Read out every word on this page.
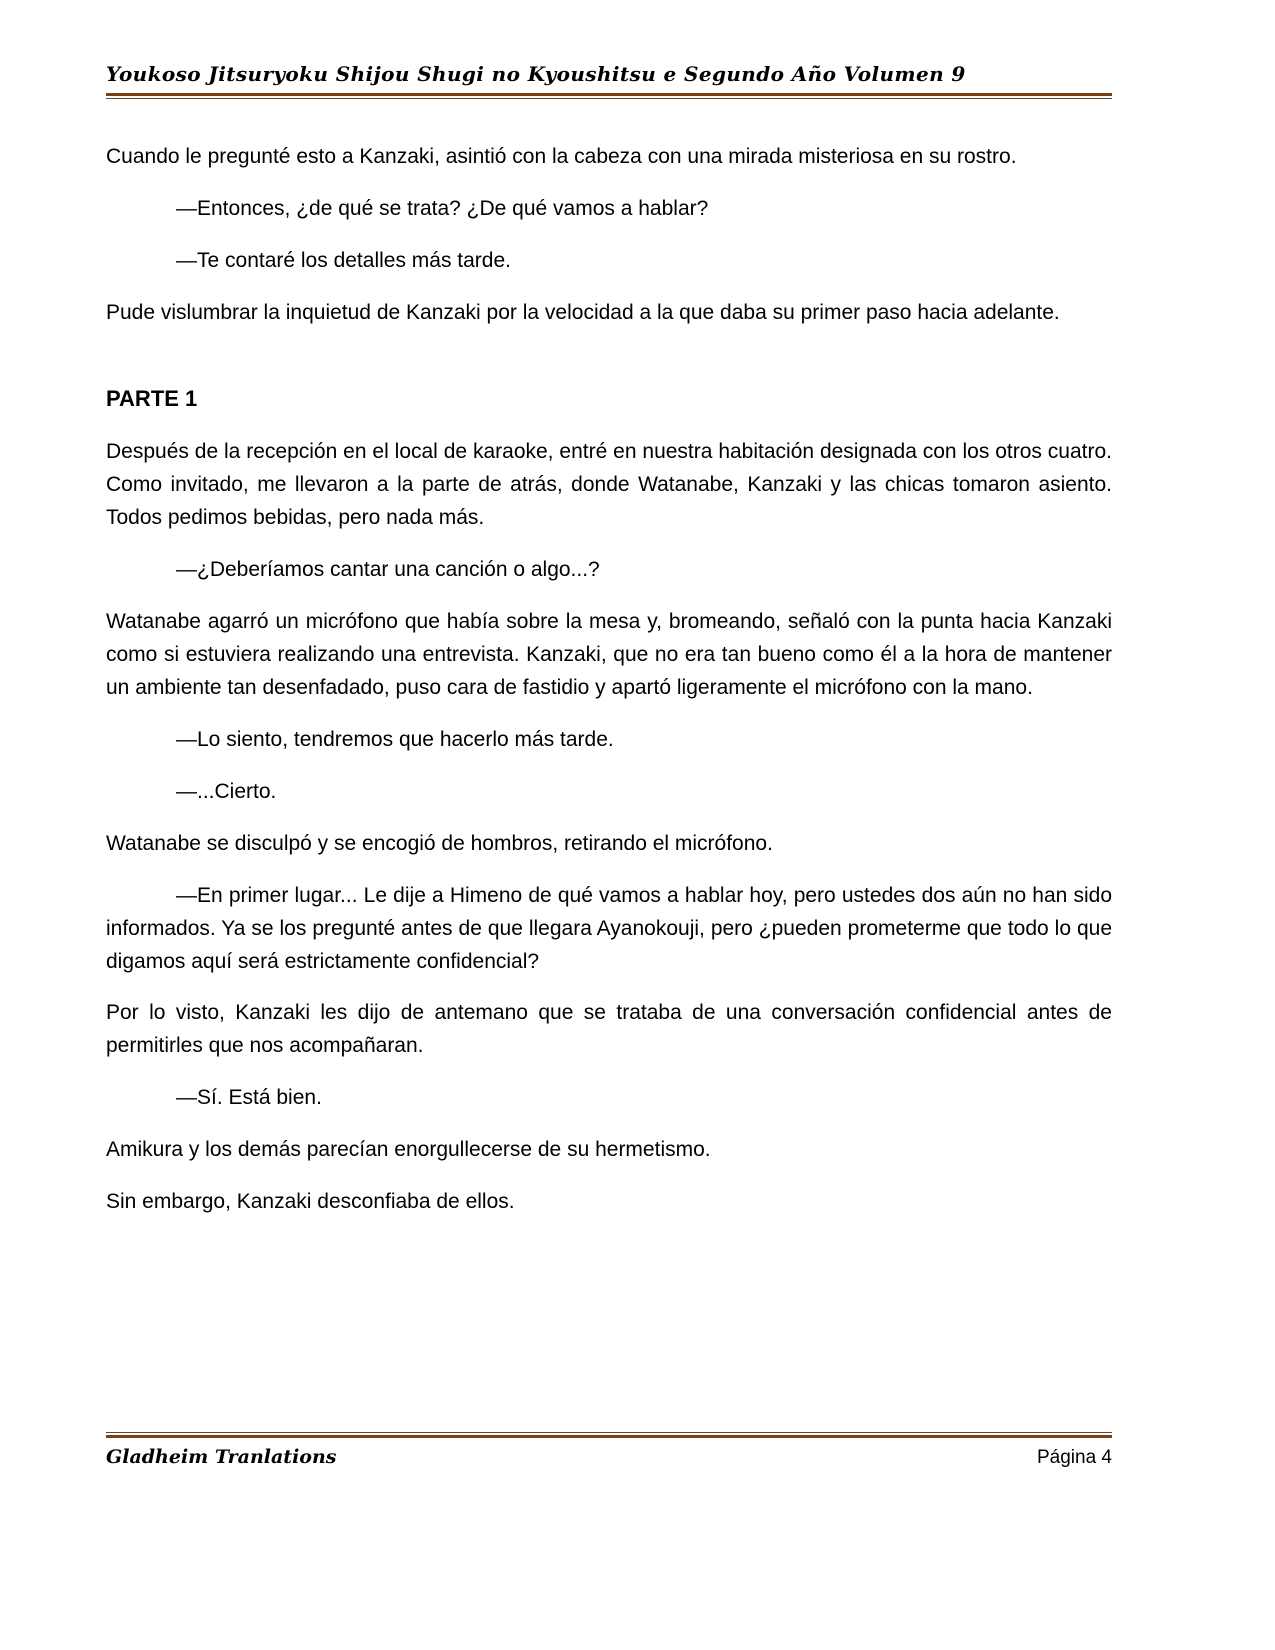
Youkoso Jitsuryoku Shijou Shugi no Kyoushitsu e Segundo Año Volumen 9

Cuando le pregunté esto a Kanzaki, asintió con la cabeza con una mirada misteriosa en su rostro.

—Entonces, ¿de qué se trata? ¿De qué vamos a hablar?

—Te contaré los detalles más tarde.

Pude vislumbrar la inquietud de Kanzaki por la velocidad a la que daba su primer paso hacia adelante.

PARTE 1

Después de la recepción en el local de karaoke, entré en nuestra habitación designada con los otros cuatro. Como invitado, me llevaron a la parte de atrás, donde Watanabe, Kanzaki y las chicas tomaron asiento. Todos pedimos bebidas, pero nada más.

—¿Deberíamos cantar una canción o algo...?

Watanabe agarró un micrófono que había sobre la mesa y, bromeando, señaló con la punta hacia Kanzaki como si estuviera realizando una entrevista. Kanzaki, que no era tan bueno como él a la hora de mantener un ambiente tan desenfadado, puso cara de fastidio y apartó ligeramente el micrófono con la mano.

—Lo siento, tendremos que hacerlo más tarde.

—...Cierto.

Watanabe se disculpó y se encogió de hombros, retirando el micrófono.

—En primer lugar... Le dije a Himeno de qué vamos a hablar hoy, pero ustedes dos aún no han sido informados. Ya se los pregunté antes de que llegara Ayanokouji, pero ¿pueden prometerme que todo lo que digamos aquí será estrictamente confidencial?

Por lo visto, Kanzaki les dijo de antemano que se trataba de una conversación confidencial antes de permitirles que nos acompañaran.

—Sí. Está bien.

Amikura y los demás parecían enorgullecerse de su hermetismo.

Sin embargo, Kanzaki desconfiaba de ellos.

Gladheim Tranlations	Página 4
